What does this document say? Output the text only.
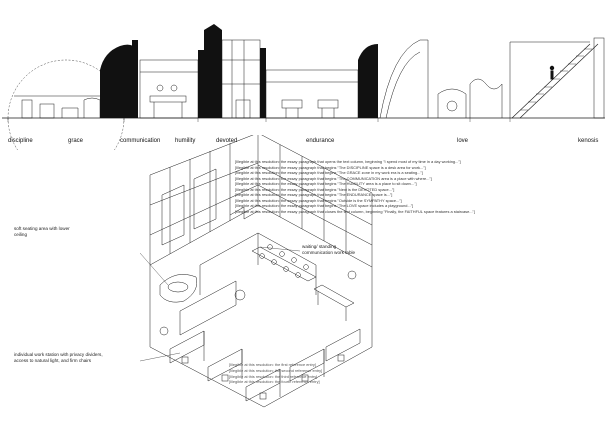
discipline	grace	communication humility	devoted	endurance	love	kenosis
soft seating area with lower ceiling
waiting/ standing communication work table
individual work station with privacy dividers, access to natural light, and firm chairs

[Illegible at this resolution: the essay paragraph that opens the text column, beginning "I spend most of my time in a day working..."]

[Illegible at this resolution: the essay paragraph that begins "The DISCIPLINE space is a desk area for work..."]

[Illegible at this resolution: the essay paragraph that begins "The GRACE zone in my work era is a seating..."]

[Illegible at this resolution: the essay paragraph that begins "The COMMUNICATION area is a place with where..."]

[Illegible at this resolution: the essay paragraph that begins "The HUMILITY area is a place to sit down..."]

[Illegible at this resolution: the essay paragraph that begins "Next is the DEVOTED space..."]

[Illegible at this resolution: the essay paragraph that begins "The ENDURANCE space is..."]

[Illegible at this resolution: the essay paragraph that begins "Outside is the SYMPATHY space..."]

[Illegible at this resolution: the essay paragraph that begins "The LOVE space includes a playground..."]

[Illegible at this resolution: the essay paragraph that closes the text column, beginning "Finally, the FAITHFUL space features a staircase..."]

[Illegible at this resolution: the first reference entry]
[Illegible at this resolution: the second reference entry]
[Illegible at this resolution: the third reference entry]
[Illegible at this resolution: the fourth reference entry]
